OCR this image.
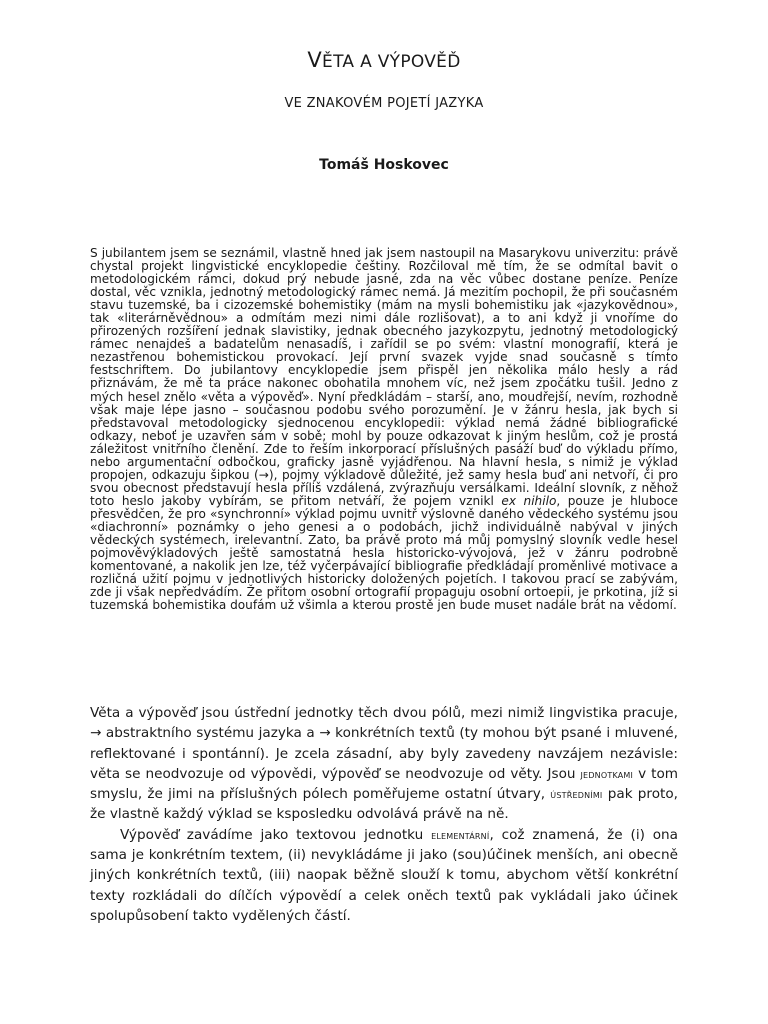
VĚTA A VÝPOVĚĎ
VE ZNAKOVÉM POJETÍ JAZYKA
Tomáš Hoskovec

S jubilantem jsem se seznámil, vlastně hned jak jsem nastoupil na Masarykovu univerzitu: právě chystal projekt lingvistické encyklopedie češtiny. Rozčiloval mě tím, že se odmítal bavit o metodologickém rámci, dokud prý nebude jasné, zda na věc vůbec dostane peníze. Peníze dostal, věc vznikla, jednotný metodologický rámec nemá. Já mezitím pochopil, že při současném stavu tuzemské, ba i cizozemské bohemistiky (mám na mysli bohemistiku jak «jazykovědnou», tak «literárněvědnou» a odmítám mezi nimi dále rozlišovat), a to ani když ji vnoříme do přirozených rozšíření jednak slavistiky, jednak obecného jazykozpytu, jednotný metodologický rámec nenajdeš a badatelům nenasadíš, i zařídil se po svém: vlastní monografií, která je nezastřenou bohemistickou provokací. Její první svazek vyjde snad současně s tímto festschriftem. Do jubilantovy encyklopedie jsem přispěl jen několika málo hesly a rád přiznávám, že mě ta práce nakonec obohatila mnohem víc, než jsem zpočátku tušil. Jedno z mých hesel znělo «věta a výpověď». Nyní předkládám – starší, ano, moudřejší, nevím, rozhodně však maje lépe jasno – současnou podobu svého porozumění. Je v žánru hesla, jak bych si představoval metodologicky sjednocenou encyklopedii: výklad nemá žádné bibliografické odkazy, neboť je uzavřen sám v sobě; mohl by pouze odkazovat k jiným heslům, což je prostá záležitost vnitřního členění. Zde to řeším inkorporací příslušných pasáží buď do výkladu přímo, nebo argumentační odbočkou, graficky jasně vyjádřenou. Na hlavní hesla, s nimiž je výklad propojen, odkazuju šipkou (→), pojmy výkladově důležité, jež samy hesla buď ani netvoří, či pro svou obecnost představují hesla příliš vzdálená, zvýrazňuju versálkami. Ideální slovník, z něhož toto heslo jakoby vybírám, se přitom netváří, že pojem vznikl ex nihilo, pouze je hluboce přesvědčen, že pro «synchronní» výklad pojmu uvnitř výslovně daného vědeckého systému jsou «diachronní» poznámky o jeho genesi a o podobách, jichž individuálně nabýval v jiných vědeckých systémech, irelevantní. Zato, ba právě proto má můj pomyslný slovník vedle hesel pojmověvýkladových ještě samostatná hesla historicko-vývojová, jež v žánru podrobně komentované, a nakolik jen lze, též vyčerpávající bibliografie předkládají proměnlivé motivace a rozličná užití pojmu v jednotlivých historicky doložených pojetích. I takovou prací se zabývám, zde ji však nepředvádím. Že přitom osobní ortografií propaguju osobní ortoepii, je prkotina, jíž si tuzemská bohemistika doufám už všimla a kterou prostě jen bude muset nadále brát na vědomí.

Věta a výpověď jsou ústřední jednotky těch dvou pólů, mezi nimiž lingvistika pracuje, → abstraktního systému jazyka a → konkrétních textů (ty mohou být psané i mluvené, reflektované i spontánní). Je zcela zásadní, aby byly zavedeny navzájem nezávisle: věta se neodvozuje od výpovědi, výpověď se neodvozuje od věty. Jsou jednotkami v tom smyslu, že jimi na příslušných pólech poměřujeme ostatní útvary, ústředními pak proto, že vlastně každý výklad se ksposledku odvolává právě na ně.

Výpověď zavádíme jako textovou jednotku elementární, což znamená, že (i) ona sama je konkrétním textem, (ii) nevykládáme ji jako (sou)účinek menších, ani obecně jiných konkrétních textů, (iii) naopak běžně slouží k tomu, abychom větší konkrétní texty rozkládali do dílčích výpovědí a celek oněch textů pak vykládali jako účinek spolupůsobení takto vydělených částí.
